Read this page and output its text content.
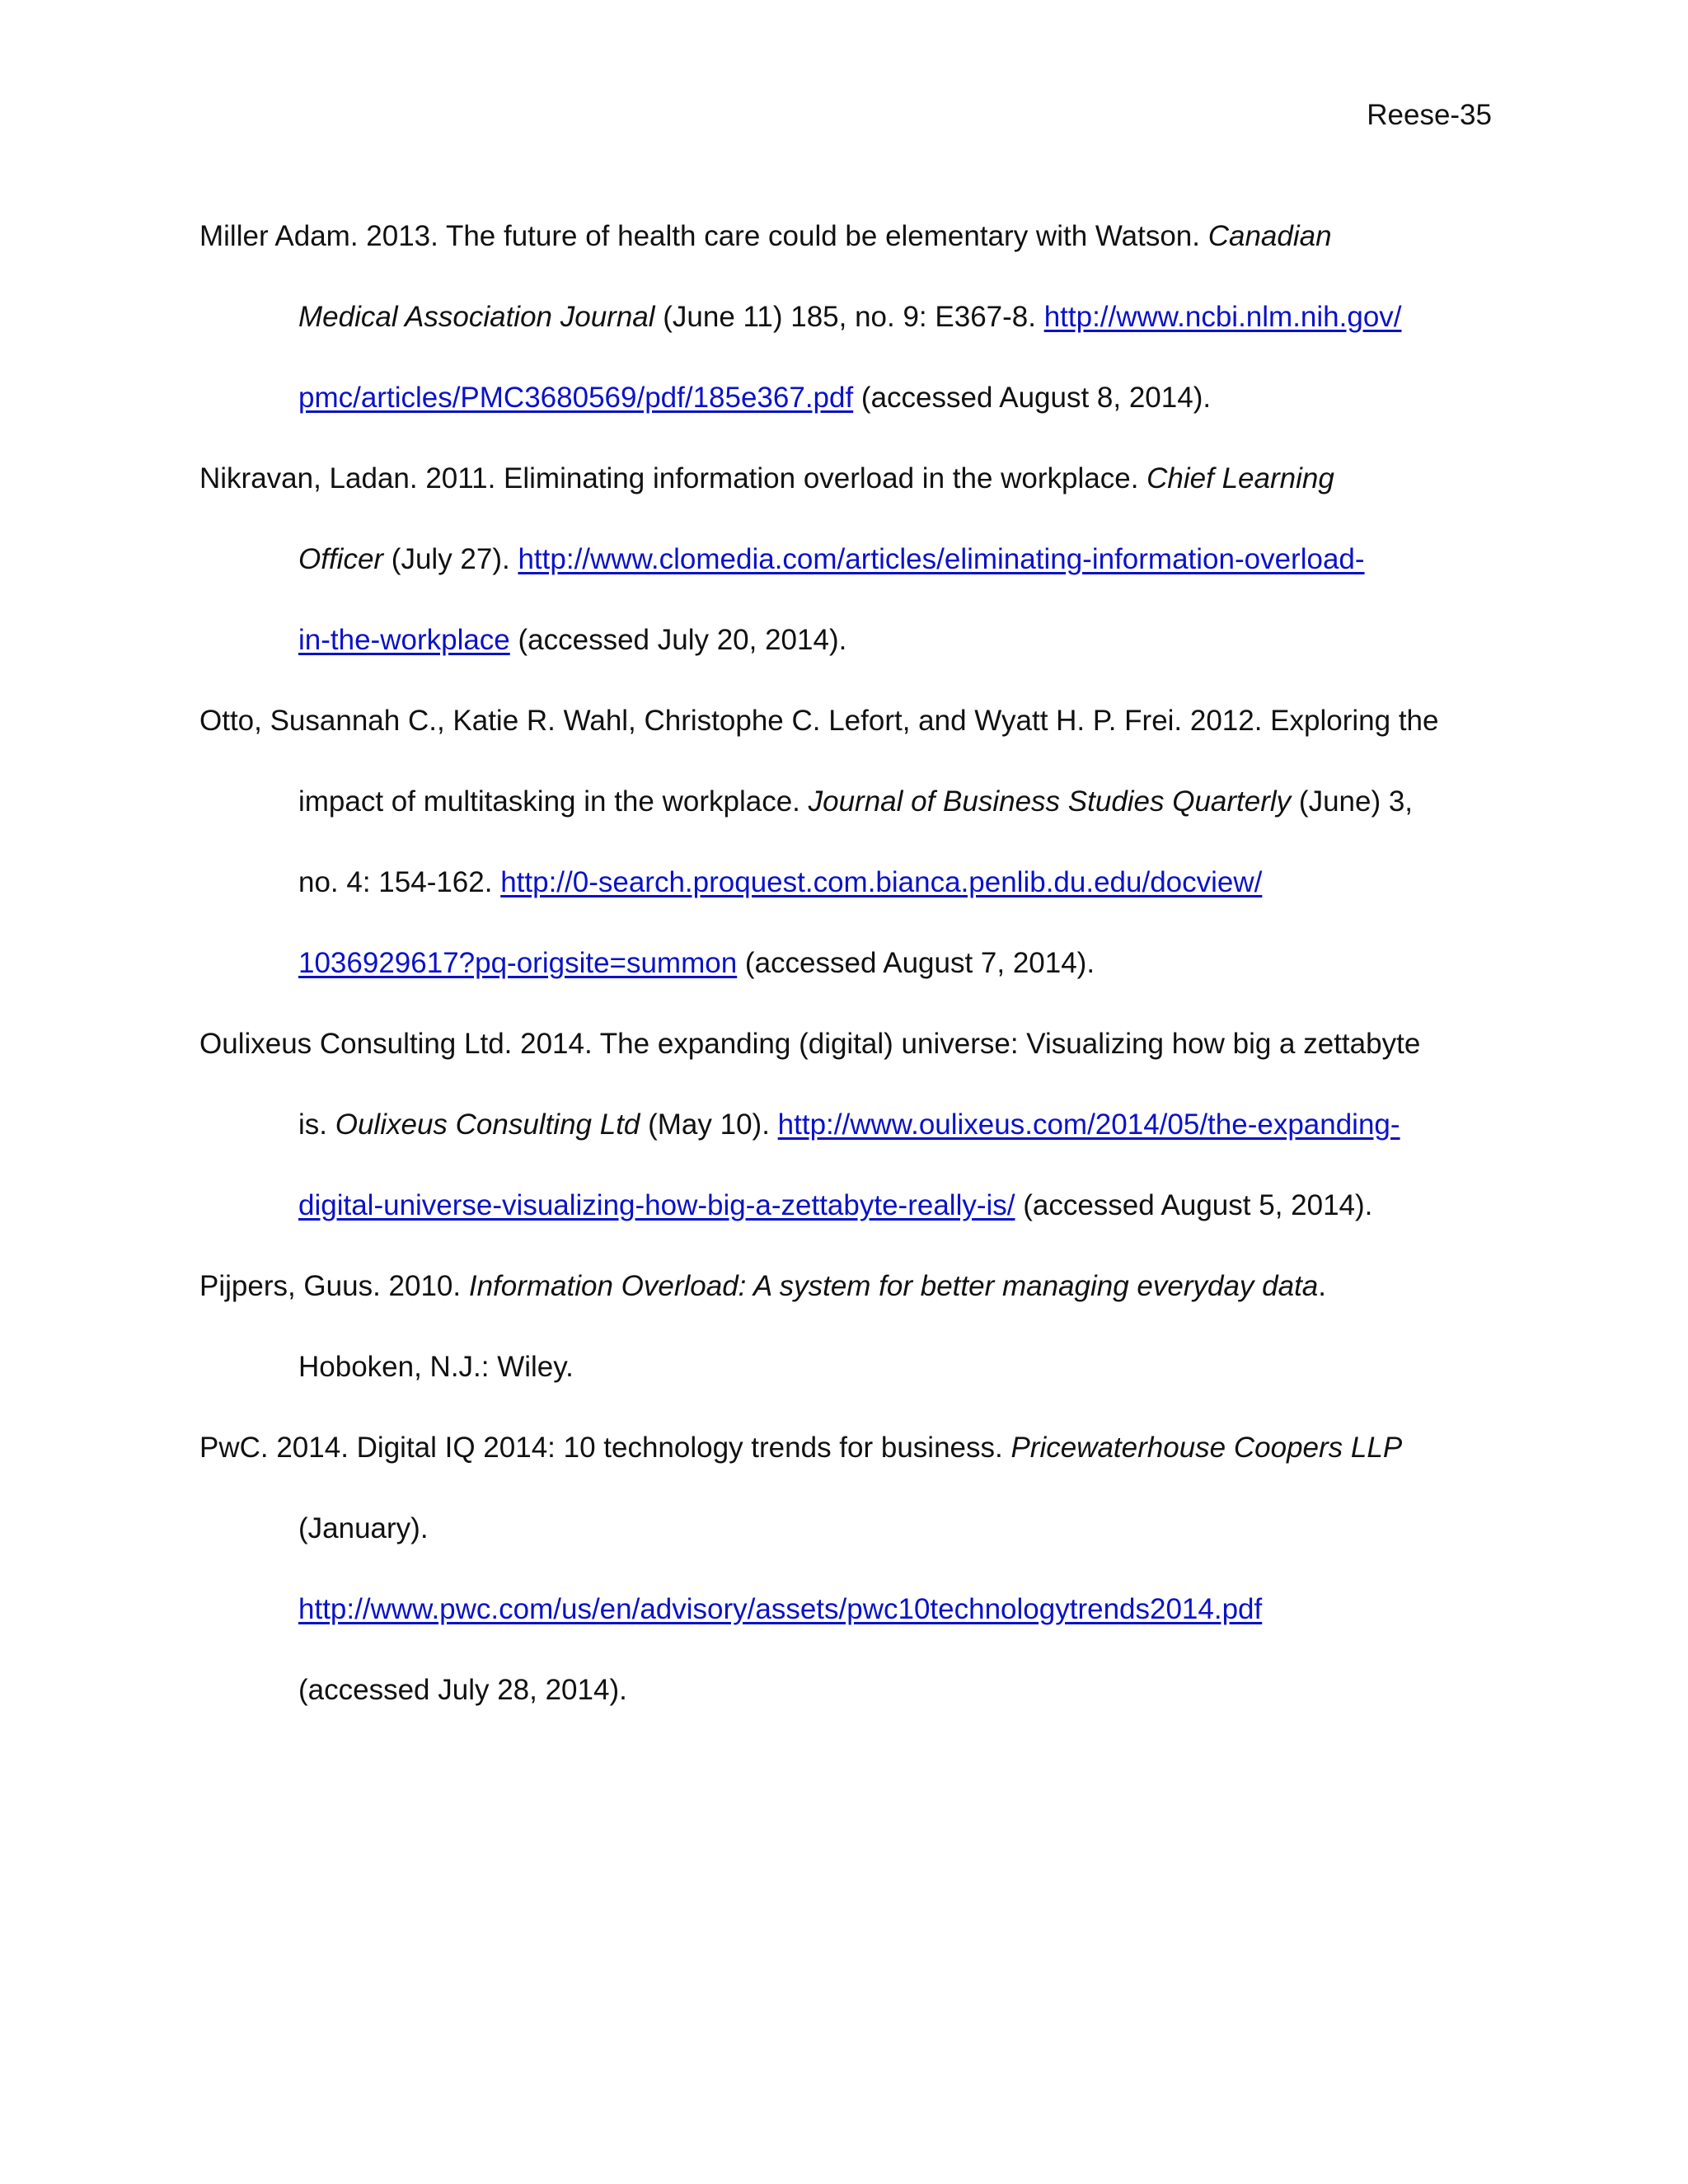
Reese-35
Miller Adam. 2013. The future of health care could be elementary with Watson. Canadian
Medical Association Journal (June 11) 185, no. 9: E367-8. http://www.ncbi.nlm.nih.gov/
pmc/articles/PMC3680569/pdf/185e367.pdf (accessed August 8, 2014).
Nikravan, Ladan. 2011. Eliminating information overload in the workplace. Chief Learning
Officer (July 27). http://www.clomedia.com/articles/eliminating-information-overload-
in-the-workplace (accessed July 20, 2014).
Otto, Susannah C., Katie R. Wahl, Christophe C. Lefort, and Wyatt H. P. Frei. 2012. Exploring the
impact of multitasking in the workplace. Journal of Business Studies Quarterly (June) 3,
no. 4: 154-162. http://0-search.proquest.com.bianca.penlib.du.edu/docview/
1036929617?pq-origsite=summon (accessed August 7, 2014).
Oulixeus Consulting Ltd. 2014. The expanding (digital) universe: Visualizing how big a zettabyte
is. Oulixeus Consulting Ltd (May 10). http://www.oulixeus.com/2014/05/the-expanding-
digital-universe-visualizing-how-big-a-zettabyte-really-is/ (accessed August 5, 2014).
Pijpers, Guus. 2010. Information Overload: A system for better managing everyday data.
Hoboken, N.J.: Wiley.
PwC. 2014. Digital IQ 2014: 10 technology trends for business. Pricewaterhouse Coopers LLP
(January).
http://www.pwc.com/us/en/advisory/assets/pwc10technologytrends2014.pdf
(accessed July 28, 2014).
